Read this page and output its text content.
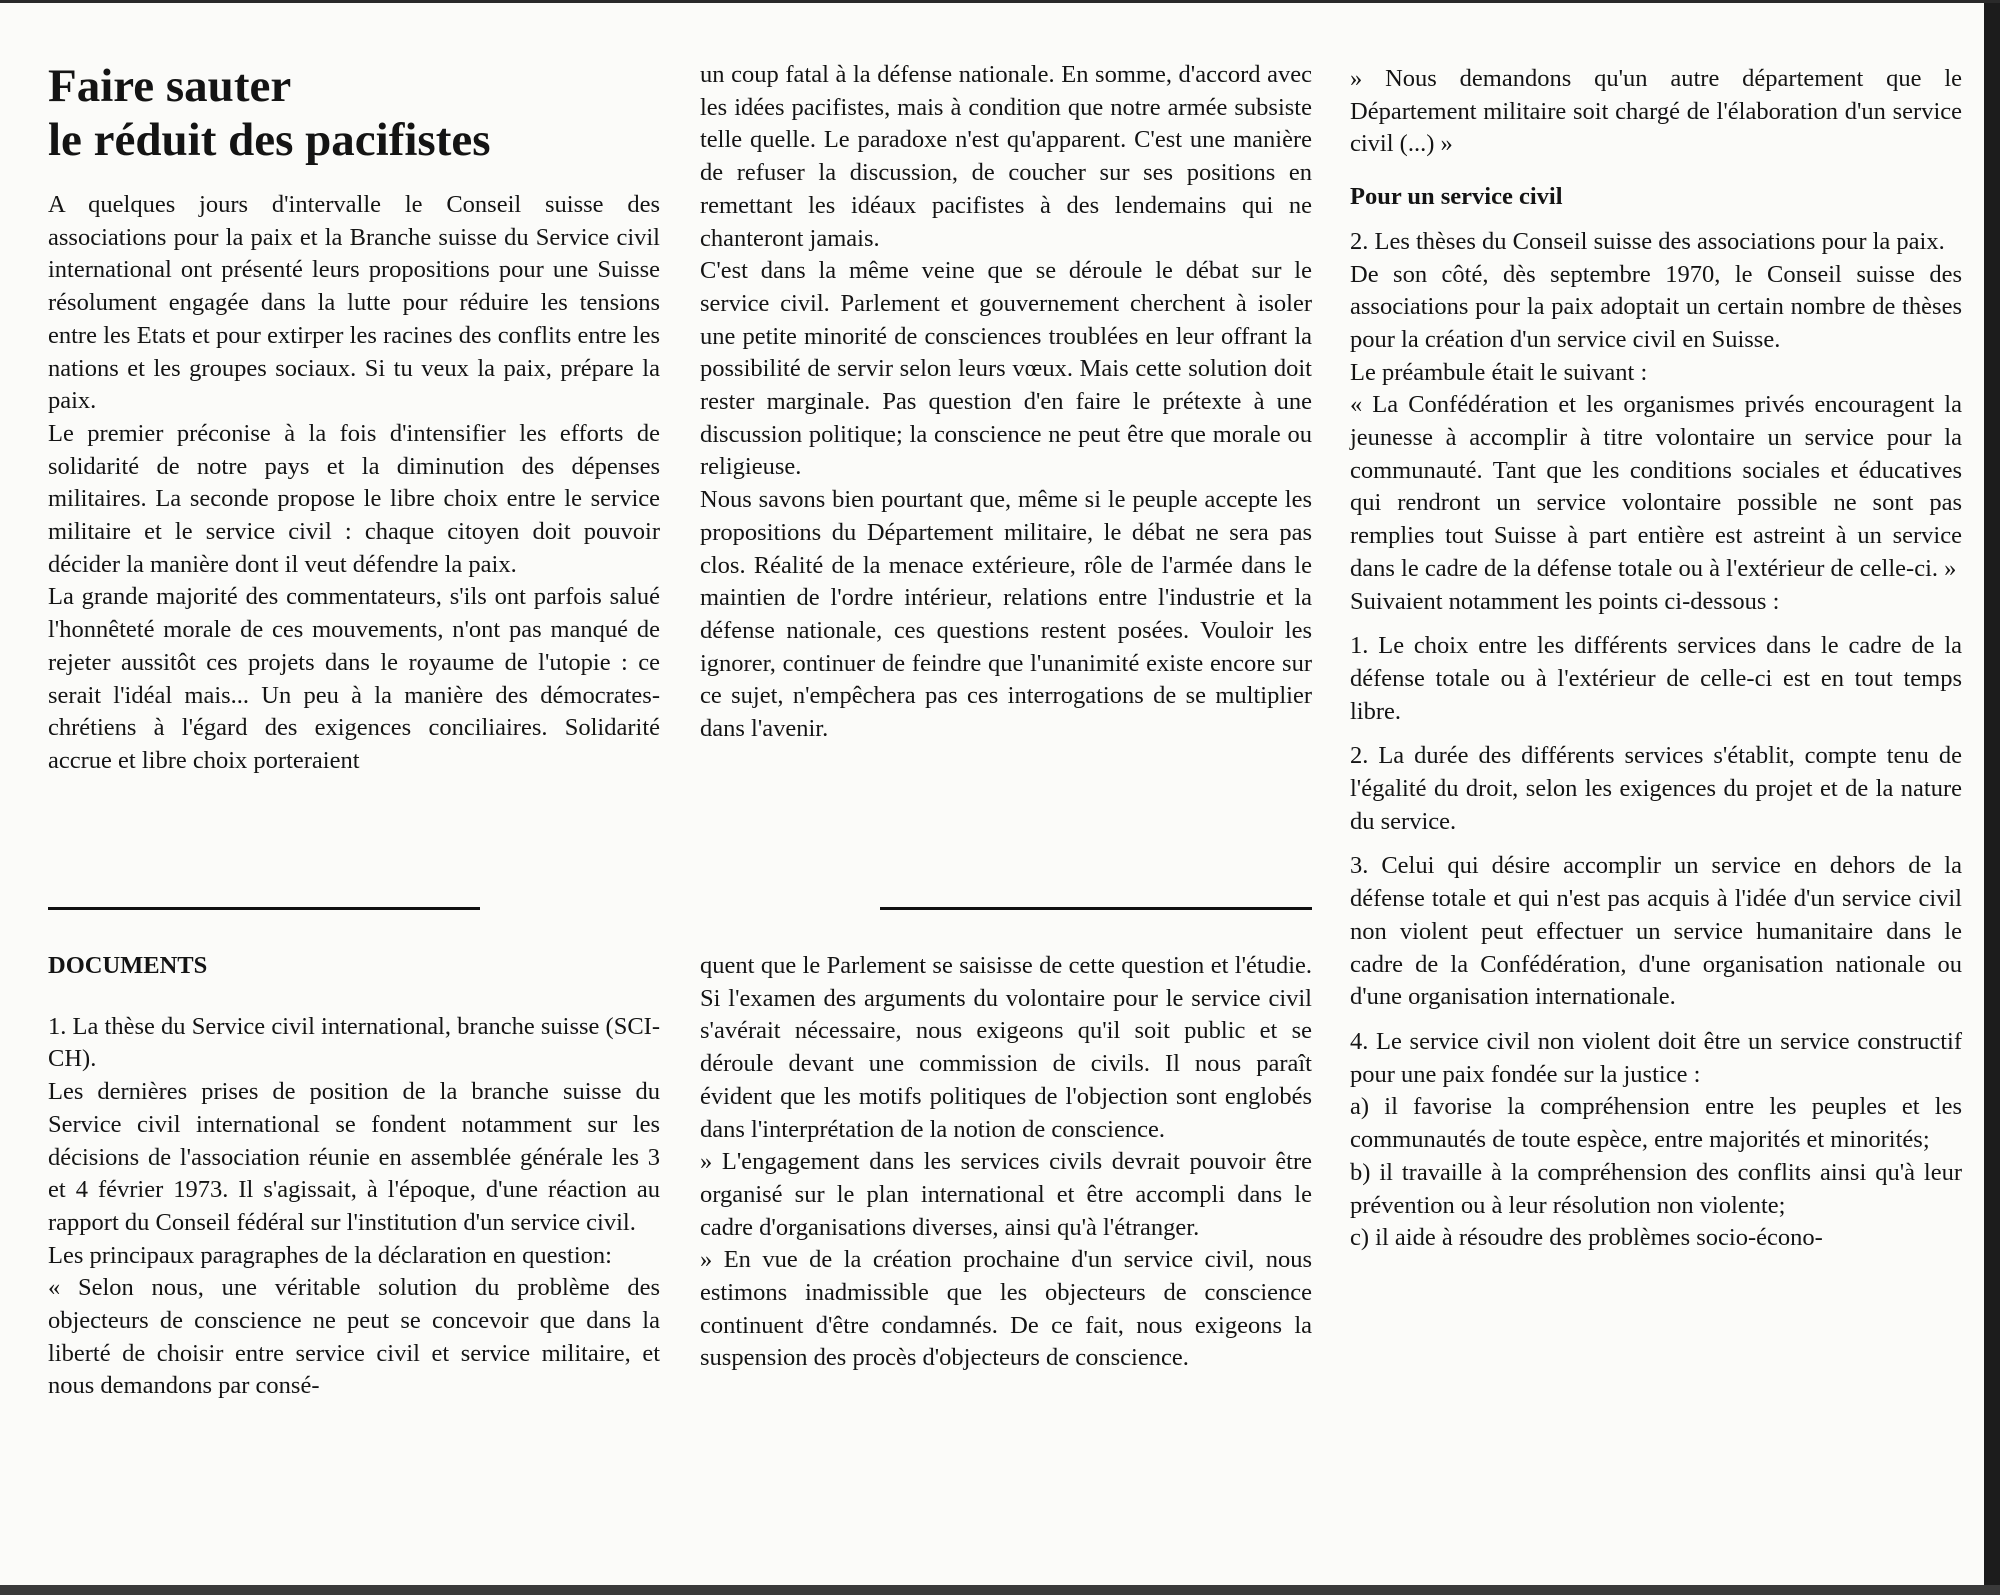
Faire sauter
le réduit des pacifistes

A quelques jours d'intervalle le Conseil suisse des associations pour la paix et la Branche suisse du Service civil international ont présenté leurs propositions pour une Suisse résolument engagée dans la lutte pour réduire les tensions entre les Etats et pour extirper les racines des conflits entre les nations et les groupes sociaux. Si tu veux la paix, prépare la paix.

Le premier préconise à la fois d'intensifier les efforts de solidarité de notre pays et la diminution des dépenses militaires. La seconde propose le libre choix entre le service militaire et le service civil : chaque citoyen doit pouvoir décider la manière dont il veut défendre la paix.

La grande majorité des commentateurs, s'ils ont parfois salué l'honnêteté morale de ces mouvements, n'ont pas manqué de rejeter aussitôt ces projets dans le royaume de l'utopie : ce serait l'idéal mais... Un peu à la manière des démocrates-chrétiens à l'égard des exigences conciliaires. Solidarité accrue et libre choix porteraient

un coup fatal à la défense nationale. En somme, d'accord avec les idées pacifistes, mais à condition que notre armée subsiste telle quelle. Le paradoxe n'est qu'apparent. C'est une manière de refuser la discussion, de coucher sur ses positions en remettant les idéaux pacifistes à des lendemains qui ne chanteront jamais.

C'est dans la même veine que se déroule le débat sur le service civil. Parlement et gouvernement cherchent à isoler une petite minorité de consciences troublées en leur offrant la possibilité de servir selon leurs vœux. Mais cette solution doit rester marginale. Pas question d'en faire le prétexte à une discussion politique; la conscience ne peut être que morale ou religieuse.

Nous savons bien pourtant que, même si le peuple accepte les propositions du Département militaire, le débat ne sera pas clos. Réalité de la menace extérieure, rôle de l'armée dans le maintien de l'ordre intérieur, relations entre l'industrie et la défense nationale, ces questions restent posées. Vouloir les ignorer, continuer de feindre que l'unanimité existe encore sur ce sujet, n'empêchera pas ces interrogations de se multiplier dans l'avenir.

DOCUMENTS

1. La thèse du Service civil international, branche suisse (SCI-CH).

Les dernières prises de position de la branche suisse du Service civil international se fondent notamment sur les décisions de l'association réunie en assemblée générale les 3 et 4 février 1973. Il s'agissait, à l'époque, d'une réaction au rapport du Conseil fédéral sur l'institution d'un service civil.

Les principaux paragraphes de la déclaration en question:

« Selon nous, une véritable solution du problème des objecteurs de conscience ne peut se concevoir que dans la liberté de choisir entre service civil et service militaire, et nous demandons par consé-

quent que le Parlement se saisisse de cette question et l'étudie. Si l'examen des arguments du volontaire pour le service civil s'avérait nécessaire, nous exigeons qu'il soit public et se déroule devant une commission de civils. Il nous paraît évident que les motifs politiques de l'objection sont englobés dans l'interprétation de la notion de conscience.

» L'engagement dans les services civils devrait pouvoir être organisé sur le plan international et être accompli dans le cadre d'organisations diverses, ainsi qu'à l'étranger.

» En vue de la création prochaine d'un service civil, nous estimons inadmissible que les objecteurs de conscience continuent d'être condamnés. De ce fait, nous exigeons la suspension des procès d'objecteurs de conscience.

» Nous demandons qu'un autre département que le Département militaire soit chargé de l'élaboration d'un service civil (...) »

Pour un service civil

2. Les thèses du Conseil suisse des associations pour la paix.

De son côté, dès septembre 1970, le Conseil suisse des associations pour la paix adoptait un certain nombre de thèses pour la création d'un service civil en Suisse.

Le préambule était le suivant :

« La Confédération et les organismes privés encouragent la jeunesse à accomplir à titre volontaire un service pour la communauté. Tant que les conditions sociales et éducatives qui rendront un service volontaire possible ne sont pas remplies tout Suisse à part entière est astreint à un service dans le cadre de la défense totale ou à l'extérieur de celle-ci. »

Suivaient notamment les points ci-dessous :

1. Le choix entre les différents services dans le cadre de la défense totale ou à l'extérieur de celle-ci est en tout temps libre.

2. La durée des différents services s'établit, compte tenu de l'égalité du droit, selon les exigences du projet et de la nature du service.

3. Celui qui désire accomplir un service en dehors de la défense totale et qui n'est pas acquis à l'idée d'un service civil non violent peut effectuer un service humanitaire dans le cadre de la Confédération, d'une organisation nationale ou d'une organisation internationale.

4. Le service civil non violent doit être un service constructif pour une paix fondée sur la justice :

a) il favorise la compréhension entre les peuples et les communautés de toute espèce, entre majorités et minorités;

b) il travaille à la compréhension des conflits ainsi qu'à leur prévention ou à leur résolution non violente;

c) il aide à résoudre des problèmes socio-écono-
